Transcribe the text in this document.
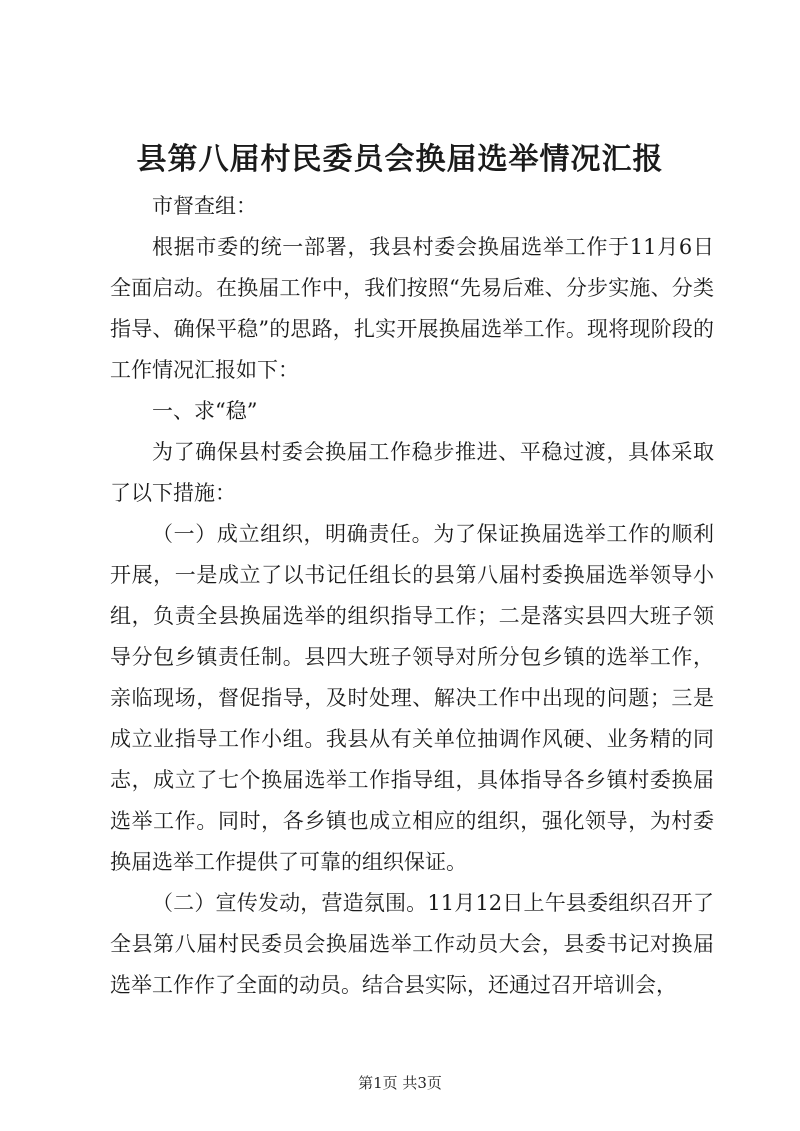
县第八届村民委员会换届选举情况汇报

市督查组：

根据市委的统一部署，我县村委会换届选举工作于11月6日全面启动。在换届工作中，我们按照“先易后难、分步实施、分类指导、确保平稳”的思路，扎实开展换届选举工作。现将现阶段的工作情况汇报如下：

一、求“稳”

为了确保县村委会换届工作稳步推进、平稳过渡，具体采取了以下措施：

（一）成立组织，明确责任。为了保证换届选举工作的顺利开展，一是成立了以书记任组长的县第八届村委换届选举领导小组，负责全县换届选举的组织指导工作；二是落实县四大班子领导分包乡镇责任制。县四大班子领导对所分包乡镇的选举工作，亲临现场，督促指导，及时处理、解决工作中出现的问题；三是成立业指导工作小组。我县从有关单位抽调作风硬、业务精的同志，成立了七个换届选举工作指导组，具体指导各乡镇村委换届选举工作。同时，各乡镇也成立相应的组织，强化领导，为村委换届选举工作提供了可靠的组织保证。

（二）宣传发动，营造氛围。11月12日上午县委组织召开了全县第八届村民委员会换届选举工作动员大会，县委书记对换届选举工作作了全面的动员。结合县实际，还通过召开培训会，

第1页 共3页
